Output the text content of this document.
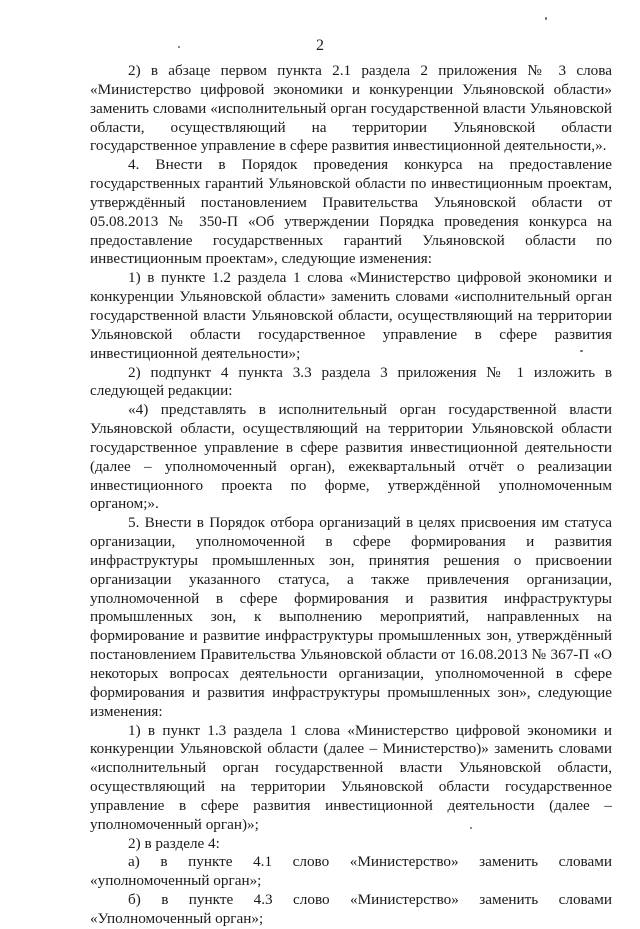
2

2) в абзаце первом пункта 2.1 раздела 2 приложения № 3 слова «Министерство цифровой экономики и конкуренции Ульяновской области» заменить словами «исполнительный орган государственной власти Ульяновской области, осуществляющий на территории Ульяновской области государственное управление в сфере развития инвестиционной деятельности,».

4. Внести в Порядок проведения конкурса на предоставление государственных гарантий Ульяновской области по инвестиционным проектам, утверждённый постановлением Правительства Ульяновской области от 05.08.2013 № 350-П «Об утверждении Порядка проведения конкурса на предоставление государственных гарантий Ульяновской области по инвестиционным проектам», следующие изменения:

1) в пункте 1.2 раздела 1 слова «Министерство цифровой экономики и конкуренции Ульяновской области» заменить словами «исполнительный орган государственной власти Ульяновской области, осуществляющий на территории Ульяновской области государственное управление в сфере развития инвестиционной деятельности»;

2) подпункт 4 пункта 3.3 раздела 3 приложения № 1 изложить в следующей редакции:

«4) представлять в исполнительный орган государственной власти Ульяновской области, осуществляющий на территории Ульяновской области государственное управление в сфере развития инвестиционной деятельности (далее – уполномоченный орган), ежеквартальный отчёт о реализации инвестиционного проекта по форме, утверждённой уполномоченным органом;».

5. Внести в Порядок отбора организаций в целях присвоения им статуса организации, уполномоченной в сфере формирования и развития инфраструктуры промышленных зон, принятия решения о присвоении организации указанного статуса, а также привлечения организации, уполномоченной в сфере формирования и развития инфраструктуры промышленных зон, к выполнению мероприятий, направленных на формирование и развитие инфраструктуры промышленных зон, утверждённый постановлением Правительства Ульяновской области от 16.08.2013 № 367-П «О некоторых вопросах деятельности организации, уполномоченной в сфере формирования и развития инфраструктуры промышленных зон», следующие изменения:

1) в пункт 1.3 раздела 1 слова «Министерство цифровой экономики и конкуренции Ульяновской области (далее – Министерство)» заменить словами «исполнительный орган государственной власти Ульяновской области, осуществляющий на территории Ульяновской области государственное управление в сфере развития инвестиционной деятельности (далее – уполномоченный орган)»;

2) в разделе 4:

а) в пункте 4.1 слово «Министерство» заменить словами «уполномоченный орган»;

б) в пункте 4.3 слово «Министерство» заменить словами «Уполномоченный орган»;
